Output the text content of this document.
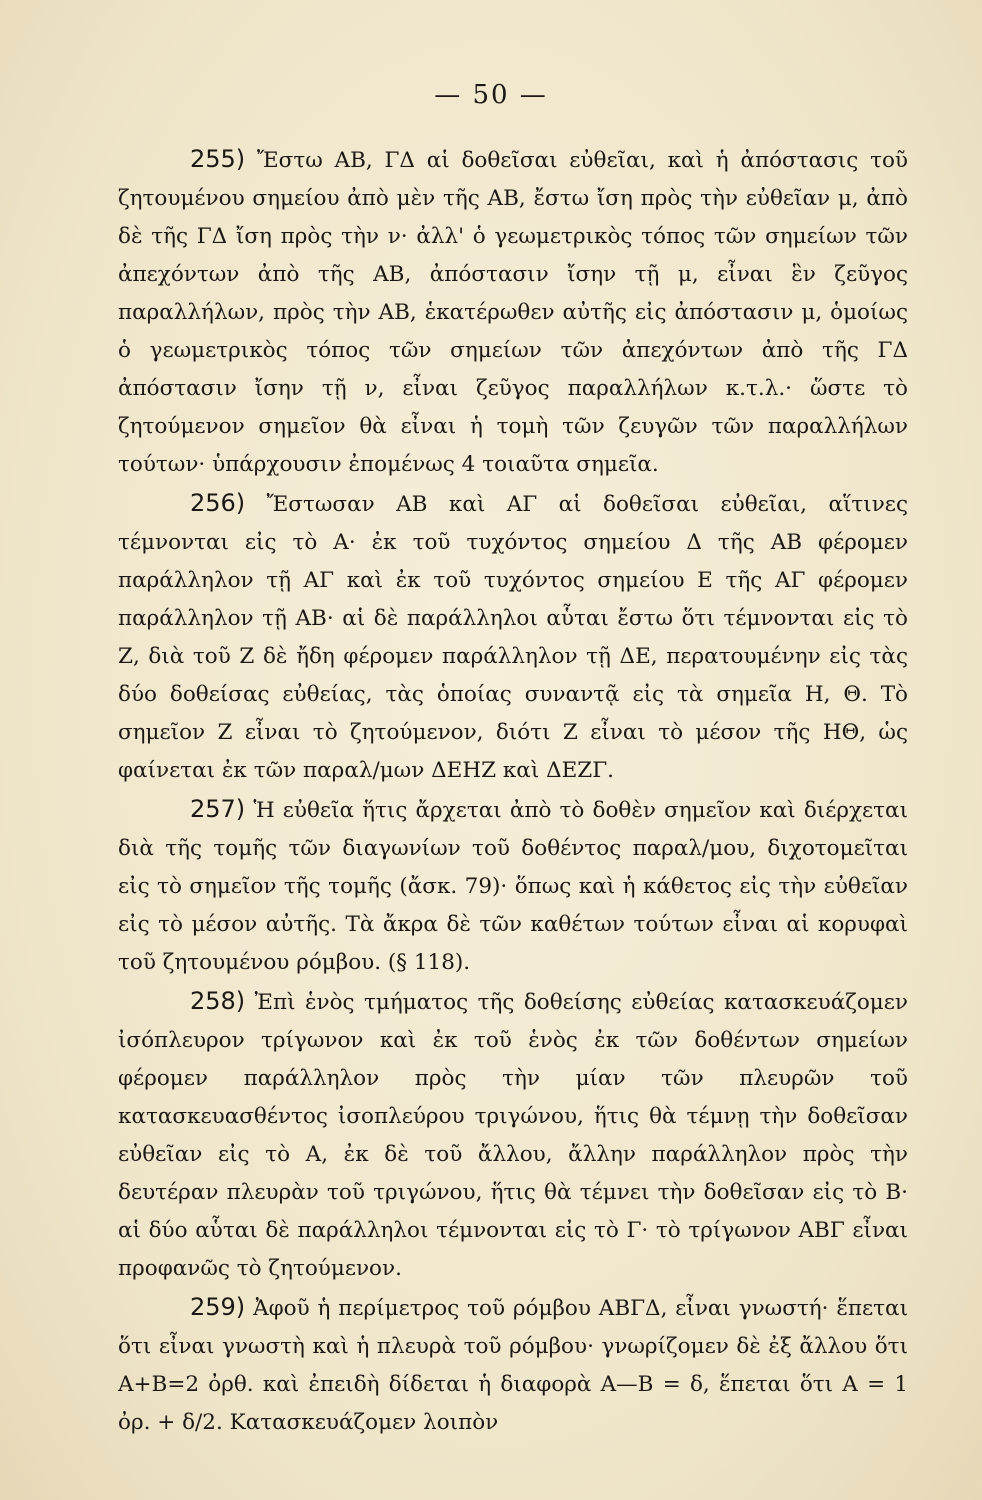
— 50 —

255) Ἔστω ΑΒ, ΓΔ αἱ δοθεῖσαι εὐθεῖαι, καὶ ἡ ἀπόστασις τοῦ ζητουμένου σημείου ἀπὸ μὲν τῆς ΑΒ, ἔστω ἴση πρὸς τὴν εὐθεῖαν μ, ἀπὸ δὲ τῆς ΓΔ ἴση πρὸς τὴν ν· ἀλλ' ὁ γεωμετρικὸς τόπος τῶν σημείων τῶν ἀπεχόντων ἀπὸ τῆς ΑΒ, ἀπόστασιν ἴσην τῇ μ, εἶναι ἓν ζεῦγος παραλλήλων, πρὸς τὴν ΑΒ, ἑκατέρωθεν αὐτῆς εἰς ἀπόστασιν μ, ὁμοίως ὁ γεωμετρικὸς τόπος τῶν σημείων τῶν ἀπεχόντων ἀπὸ τῆς ΓΔ ἀπόστασιν ἴσην τῇ ν, εἶναι ζεῦγος παραλλήλων κ.τ.λ.· ὥστε τὸ ζητούμενον σημεῖον θὰ εἶναι ἡ τομὴ τῶν ζευγῶν τῶν παραλλήλων τούτων· ὑπάρχουσιν ἐπομένως 4 τοιαῦτα σημεῖα.

256) Ἔστωσαν ΑΒ καὶ ΑΓ αἱ δοθεῖσαι εὐθεῖαι, αἵτινες τέμνονται εἰς τὸ Α· ἐκ τοῦ τυχόντος σημείου Δ τῆς ΑΒ φέρομεν παράλληλον τῇ ΑΓ καὶ ἐκ τοῦ τυχόντος σημείου Ε τῆς ΑΓ φέρομεν παράλληλον τῇ ΑΒ· αἱ δὲ παράλληλοι αὗται ἔστω ὅτι τέμνονται εἰς τὸ Ζ, διὰ τοῦ Ζ δὲ ἤδη φέρομεν παράλληλον τῇ ΔΕ, περατουμένην εἰς τὰς δύο δοθείσας εὐθείας, τὰς ὁποίας συναντᾷ εἰς τὰ σημεῖα Η, Θ. Τὸ σημεῖον Ζ εἶναι τὸ ζητούμενον, διότι Ζ εἶναι τὸ μέσον τῆς ΗΘ, ὡς φαίνεται ἐκ τῶν παραλ/μων ΔΕΗΖ καὶ ΔΕΖΓ.

257) Ἡ εὐθεῖα ἥτις ἄρχεται ἀπὸ τὸ δοθὲν σημεῖον καὶ διέρχεται διὰ τῆς τομῆς τῶν διαγωνίων τοῦ δοθέντος παραλ/μου, διχοτομεῖται εἰς τὸ σημεῖον τῆς τομῆς (ἄσκ. 79)· ὅπως καὶ ἡ κάθετος εἰς τὴν εὐθεῖαν εἰς τὸ μέσον αὐτῆς. Τὰ ἄκρα δὲ τῶν καθέτων τούτων εἶναι αἱ κορυφαὶ τοῦ ζητουμένου ρόμβου. (§ 118).

258) Ἐπὶ ἑνὸς τμήματος τῆς δοθείσης εὐθείας κατασκευάζομεν ἰσόπλευρον τρίγωνον καὶ ἐκ τοῦ ἑνὸς ἐκ τῶν δοθέντων σημείων φέρομεν παράλληλον πρὸς τὴν μίαν τῶν πλευρῶν τοῦ κατασκευασθέντος ἰσοπλεύρου τριγώνου, ἥτις θὰ τέμνῃ τὴν δοθεῖσαν εὐθεῖαν εἰς τὸ Α, ἐκ δὲ τοῦ ἄλλου, ἄλλην παράλληλον πρὸς τὴν δευτέραν πλευρὰν τοῦ τριγώνου, ἥτις θὰ τέμνει τὴν δοθεῖσαν εἰς τὸ Β· αἱ δύο αὗται δὲ παράλληλοι τέμνονται εἰς τὸ Γ· τὸ τρίγωνον ΑΒΓ εἶναι προφανῶς τὸ ζητούμενον.

259) Ἀφοῦ ἡ περίμετρος τοῦ ρόμβου ΑΒΓΔ, εἶναι γνωστή· ἕπεται ὅτι εἶναι γνωστὴ καὶ ἡ πλευρὰ τοῦ ρόμβου· γνωρίζομεν δὲ ἐξ ἄλλου ὅτι Α+Β=2 ὀρθ. καὶ ἐπειδὴ δίδεται ἡ διαφορὰ Α—Β = δ, ἕπεται ὅτι Α = 1 ὀρ. + δ/2. Κατασκευάζομεν λοιπὸν
